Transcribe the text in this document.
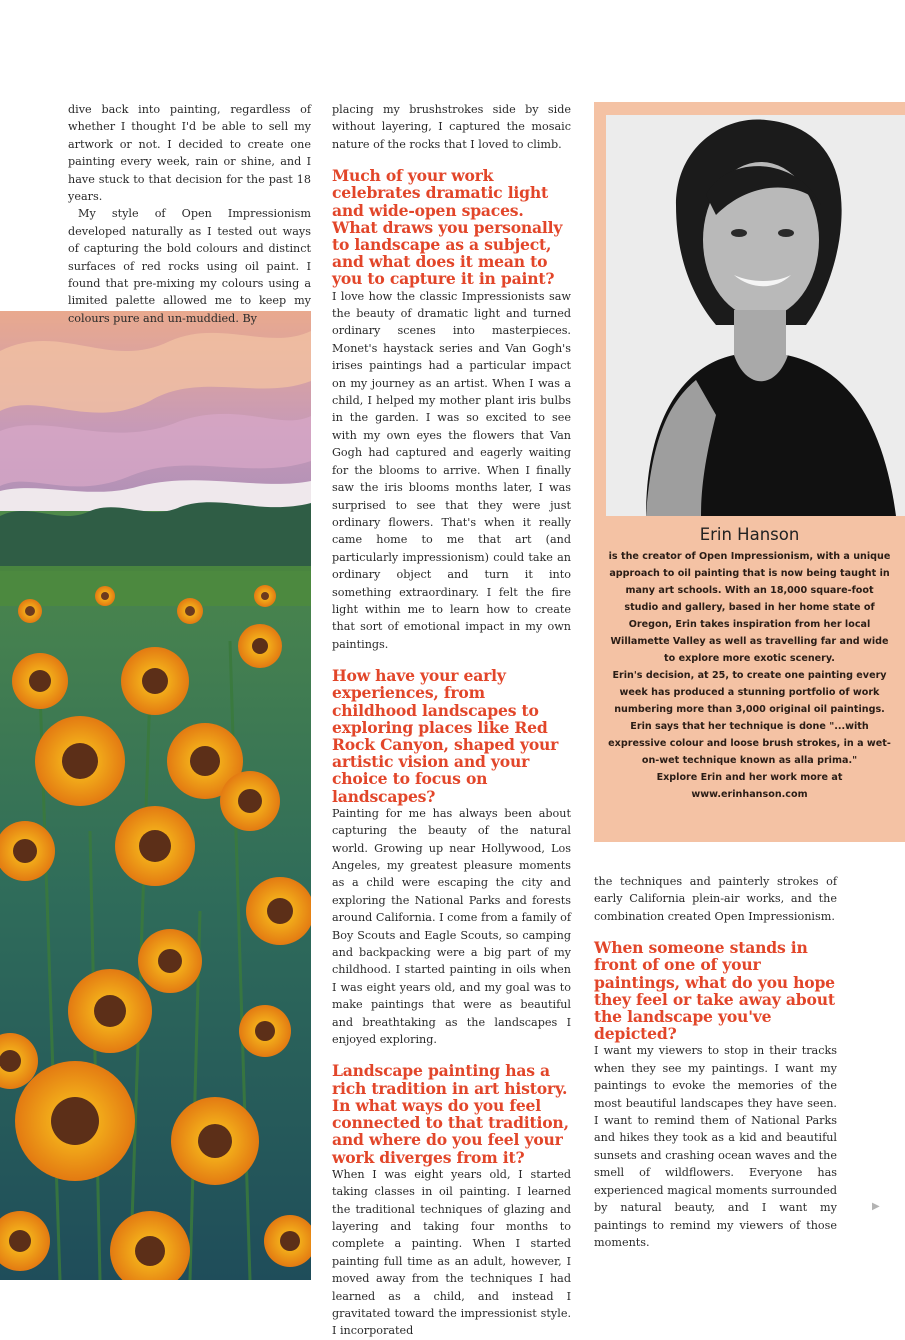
dive back into painting, regardless of whether I thought I'd be able to sell my artwork or not. I decided to create one painting every week, rain or shine, and I have stuck to that decision for the past 18 years.

My style of Open Impressionism developed naturally as I tested out ways of capturing the bold colours and distinct surfaces of red rocks using oil paint. I found that pre-mixing my colours using a limited palette allowed me to keep my colours pure and un-muddied. By

placing my brushstrokes side by side without layering, I captured the mosaic nature of the rocks that I loved to climb.

Much of your work celebrates dramatic light and wide-open spaces. What draws you personally to landscape as a subject, and what does it mean to you to capture it in paint?

I love how the classic Impressionists saw the beauty of dramatic light and turned ordinary scenes into masterpieces. Monet's haystack series and Van Gogh's irises paintings had a particular impact on my journey as an artist. When I was a child, I helped my mother plant iris bulbs in the garden. I was so excited to see with my own eyes the flowers that Van Gogh had captured and eagerly waiting for the blooms to arrive. When I finally saw the iris blooms months later, I was surprised to see that they were just ordinary flowers. That's when it really came home to me that art (and particularly impressionism) could take an ordinary object and turn it into something extraordinary. I felt the fire light within me to learn how to create that sort of emotional impact in my own paintings.

How have your early experiences, from childhood landscapes to exploring places like Red Rock Canyon, shaped your artistic vision and your choice to focus on landscapes?

Painting for me has always been about capturing the beauty of the natural world. Growing up near Hollywood, Los Angeles, my greatest pleasure moments as a child were escaping the city and exploring the National Parks and forests around California. I come from a family of Boy Scouts and Eagle Scouts, so camping and backpacking were a big part of my childhood. I started painting in oils when I was eight years old, and my goal was to make paintings that were as beautiful and breathtaking as the landscapes I enjoyed exploring.

Landscape painting has a rich tradition in art history. In what ways do you feel connected to that tradition, and where do you feel your work diverges from it?

When I was eight years old, I started taking classes in oil painting. I learned the traditional techniques of glazing and layering and taking four months to complete a painting. When I started painting full time as an adult, however, I moved away from the techniques I had learned as a child, and instead I gravitated toward the impressionist style. I incorporated

Erin Hanson

is the creator of Open Impressionism, with a unique approach to oil painting that is now being taught in many art schools. With an 18,000 square-foot studio and gallery, based in her home state of Oregon, Erin takes inspiration from her local Willamette Valley as well as travelling far and wide to explore more exotic scenery.

Erin's decision, at 25, to create one painting every week has produced a stunning portfolio of work numbering more than 3,000 original oil paintings. Erin says that her technique is done "...with expressive colour and loose brush strokes, in a wet-on-wet technique known as alla prima."

Explore Erin and her work more at

www.erinhanson.com

the techniques and painterly strokes of early California plein-air works, and the combination created Open Impressionism.

When someone stands in front of one of your paintings, what do you hope they feel or take away about the landscape you've depicted?

I want my viewers to stop in their tracks when they see my paintings. I want my paintings to evoke the memories of the most beautiful landscapes they have seen. I want to remind them of National Parks and hikes they took as a kid and beautiful sunsets and crashing ocean waves and the smell of wildflowers. Everyone has experienced magical moments surrounded by natural beauty, and I want my paintings to remind my viewers of those moments.

▶
